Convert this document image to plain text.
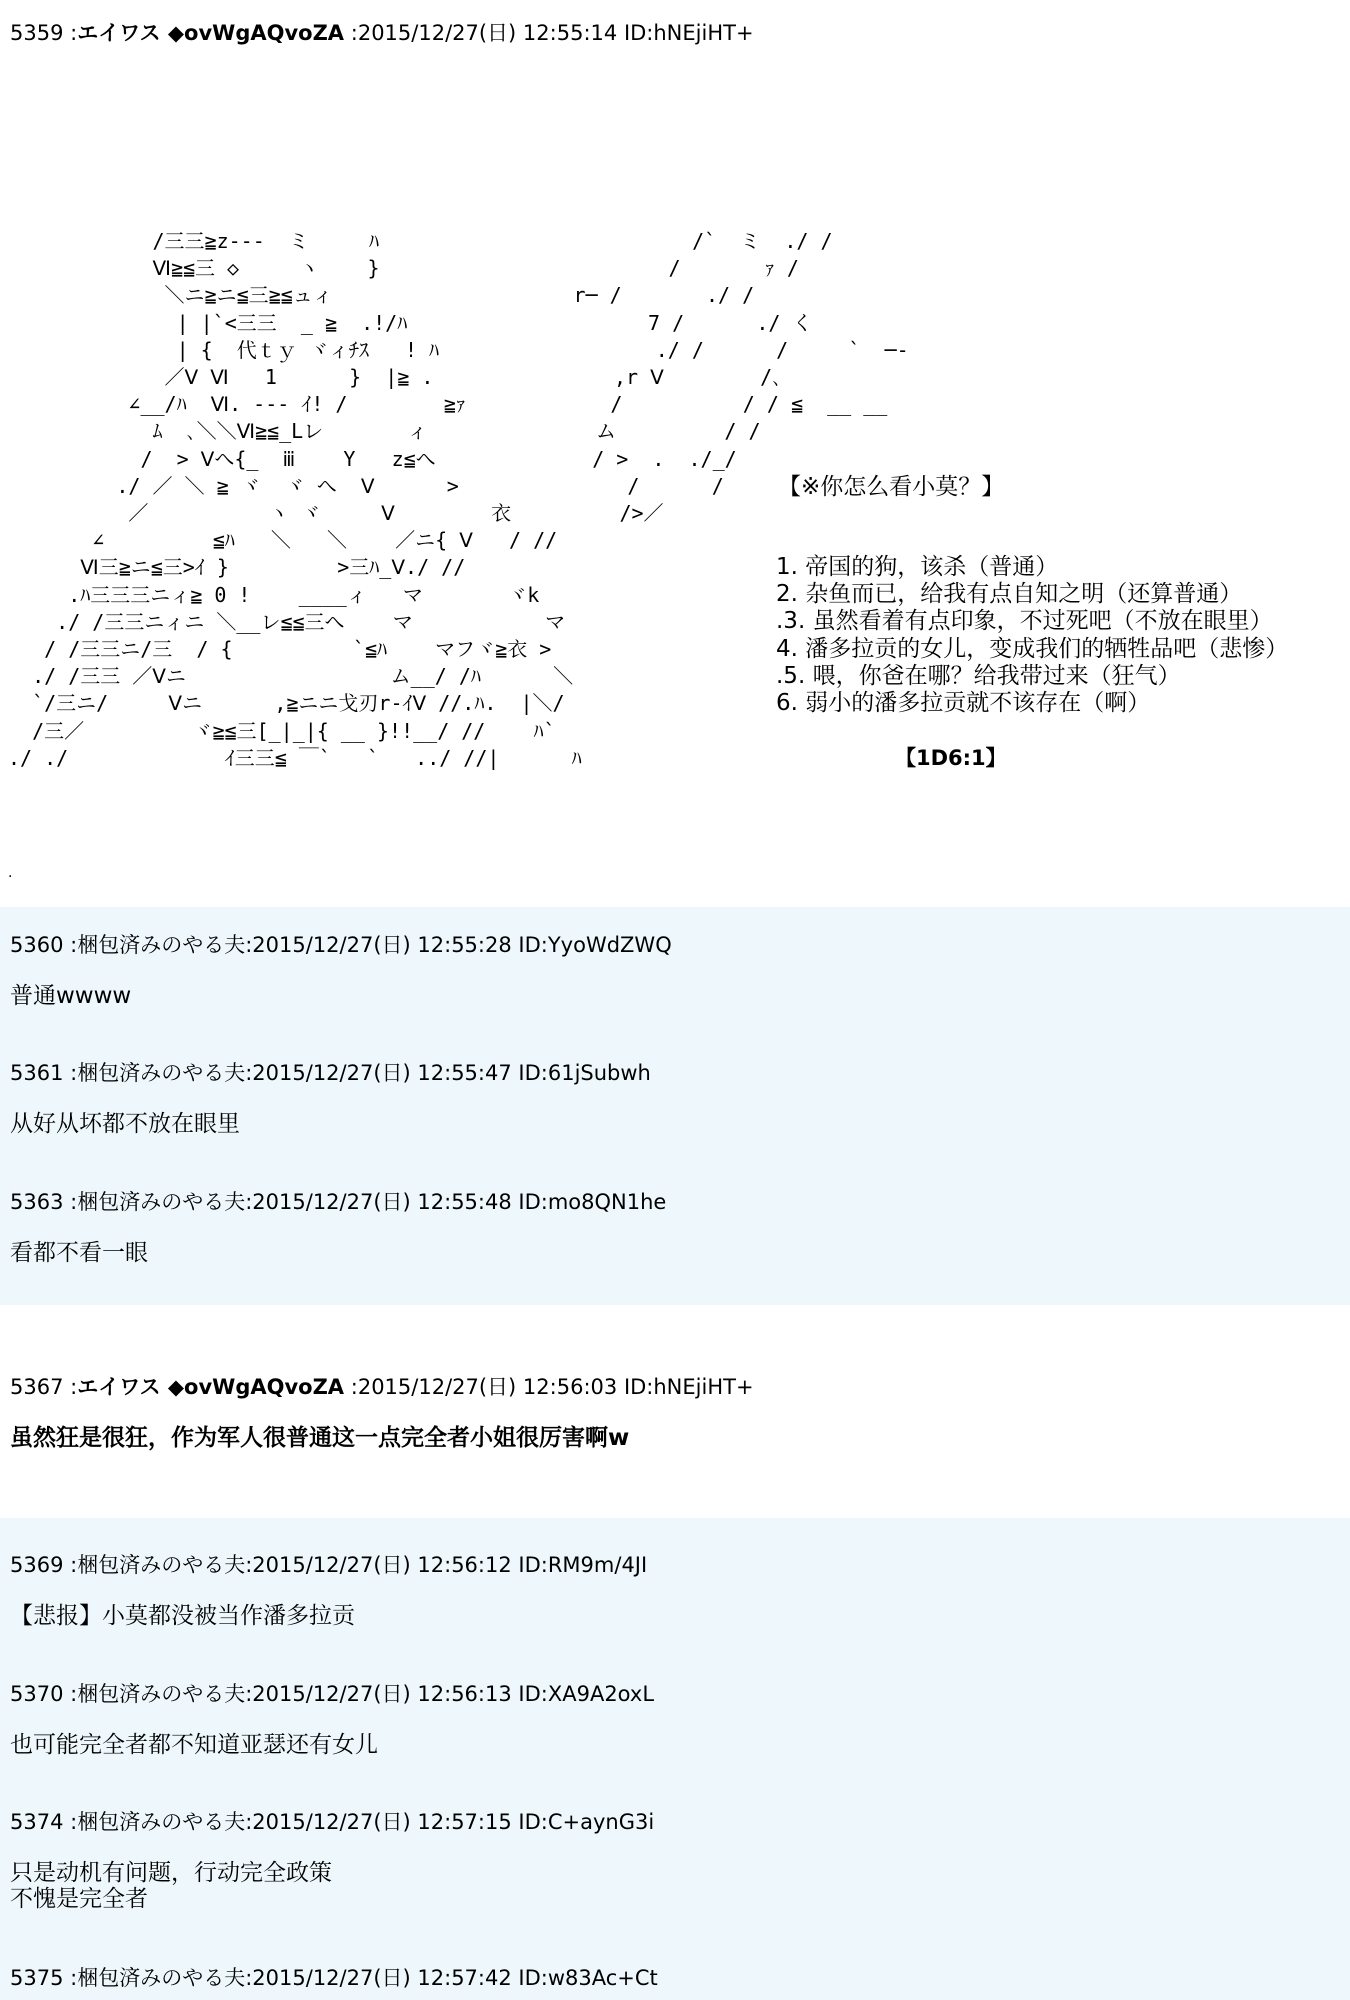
5359 :エイワス ◆ovWgAQvoZA :2015/12/27(日) 12:55:14 ID:hNEjiHT+
/三三≧z---  ミ     ﾊ                          /`  ミ  ./ /
Ⅵ≧≦三 ◇     ヽ    }                        /       ｧ /
＼ニ≧ニ≦三≧≦ュィ                    r─ /       ./ /
| |`<三三  _ ≧  .!/ﾊ                    7 /      ./ く
| {  代ｔｙ ヾィﾁｽ   ! ﾊ                  ./ /      /     `  ─-
／Ⅴ Ⅵ   1      }  |≧ .               ,r Ⅴ        /､
∠__/ﾊ  Ⅵ. -‐- ｲ! /        ≧ｧ            /          / / ≦  __ __
ﾑ  ､＼＼Ⅵ≧≦_Lレ       ィ              ム         / /
/  > Ⅴへ{_  ⅲ    Y   z≦へ             / >  .  ./_/
./ ／ ＼ ≧ ヾ  ヾ へ  Ⅴ      >              /      /
／          ヽ ヾ     Ⅴ        衣         />／
∠         ≦ﾊ   ＼   ＼    ／ニ{ Ⅴ   / //
Ⅵ三≧ニ≦三>ｲ }         >三ﾊ_Ⅴ./ //
.ﾊ三三三ニィ≧ 0 !    ____ィ   マ       ヾk
./ /三三ニィニ ＼__レ≦≦三へ    マ           マ
/ /三三ニ/三  / {          `≦ﾊ    マフヾ≧衣 >
./ /三三 ／Ⅴニ                 ム__/ /ﾊ      ＼
`/三ニ/     Ⅴニ      ,≧ニニ戈刃r-ｲⅤ //.ﾊ.  |＼/
/三／         ヾ≧≦三[_|_|{ __ }!!__/ //    ﾊ`
./ ./             ｲ三三≦ ￣`   `   ../ //|      ﾊ
【※你怎么看小莫？】
1. 帝国的狗，该杀（普通）
2. 杂鱼而已，给我有点自知之明（还算普通）
.3. 虽然看着有点印象，不过死吧（不放在眼里）
4. 潘多拉贡的女儿，变成我们的牺牲品吧（悲惨）
.5. 喂，你爸在哪？给我带过来（狂气）
6. 弱小的潘多拉贡就不该存在（啊）
【1D6:1】
.
5360 :梱包済みのやる夫:2015/12/27(日) 12:55:28 ID:YyoWdZWQ
普通wwww
5361 :梱包済みのやる夫:2015/12/27(日) 12:55:47 ID:61jSubwh
从好从坏都不放在眼里
5363 :梱包済みのやる夫:2015/12/27(日) 12:55:48 ID:mo8QN1he
看都不看一眼
5367 :エイワス ◆ovWgAQvoZA :2015/12/27(日) 12:56:03 ID:hNEjiHT+
虽然狂是很狂，作为军人很普通这一点完全者小姐很厉害啊w
5369 :梱包済みのやる夫:2015/12/27(日) 12:56:12 ID:RM9m/4JI
【悲报】小莫都没被当作潘多拉贡
5370 :梱包済みのやる夫:2015/12/27(日) 12:56:13 ID:XA9A2oxL
也可能完全者都不知道亚瑟还有女儿
5374 :梱包済みのやる夫:2015/12/27(日) 12:57:15 ID:C+aynG3i
只是动机有问题，行动完全政策
不愧是完全者
5375 :梱包済みのやる夫:2015/12/27(日) 12:57:42 ID:w83Ac+Ct
